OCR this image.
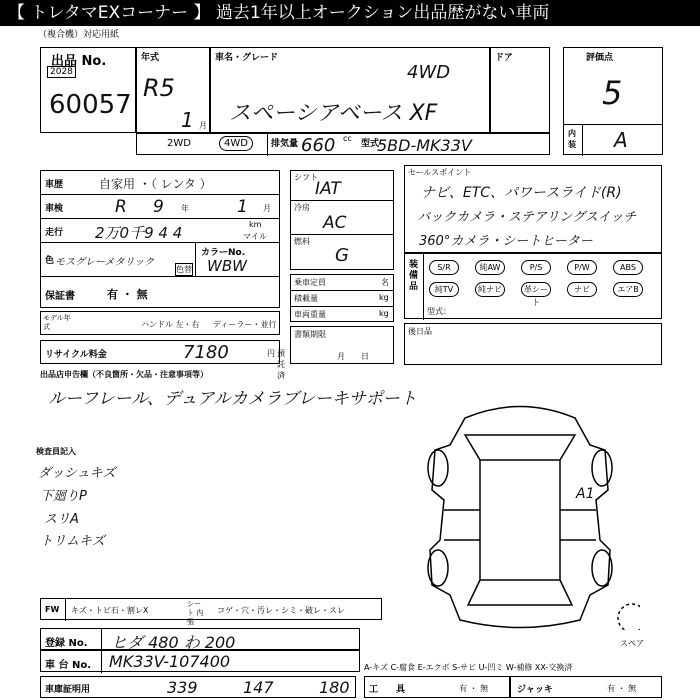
【 トレタマEXコーナー 】 過去1年以上オークション出品歴がない車両
（複合機）対応用紙
出品 No.
2028
60057
年式
R5
1 月
車名・グレード
4WD
スペーシアベース XF
ドア	評価点
5
内装 A
2WD	4WD	排気量 660 cc
型式
5BD-MK33V
車歴	自家用 ・（ レンタ ）
車検	R 9 年	1 月
走行 2万0千9 4 4	km
マイル
色 モスグレーメタリック
色替
カラーNo.
WBW
保証書	有 ・ 無
モデル年式	ハンドル 左・右 ディーラー・並行
リサイクル料金	7180	円 預託済
シフト
IAT
冷房
AC
燃料
G
乗車定員	名
積載量	kg
車両重量	kg
書類期限
月日
セールスポイント
ナビ、ETC、パワースライド(R)
バックカメラ・ステアリングスイッチ
360°カメラ・シートヒーター
装備品
S/R	純AW	P/S	P/W	ABS
純TV	純ナビ	革シート
ナビ	エアB
型式：
後日品
出品店申告欄（不良箇所・欠品・注意事項等）
ルーフレール、デュアルカメラブレーキサポート
検査員記入
ダッシュキズ
下廻りP
スリA
トリムキズ
A1
スペア
FW キズ・トビ石・割レX
シート 内張
コゲ・穴・汚レ・シミ・破レ・スレ
登録 No. ヒダ 480 わ 200
車 台 No. MK33V-107400	A-キズ C-腐食 E-エクボ S-サビ U-凹ミ W-補修 XX-交換済
車庫証明用	339	147	180 工　　具	有 ・ 無	ジャッキ	有 ・ 無
